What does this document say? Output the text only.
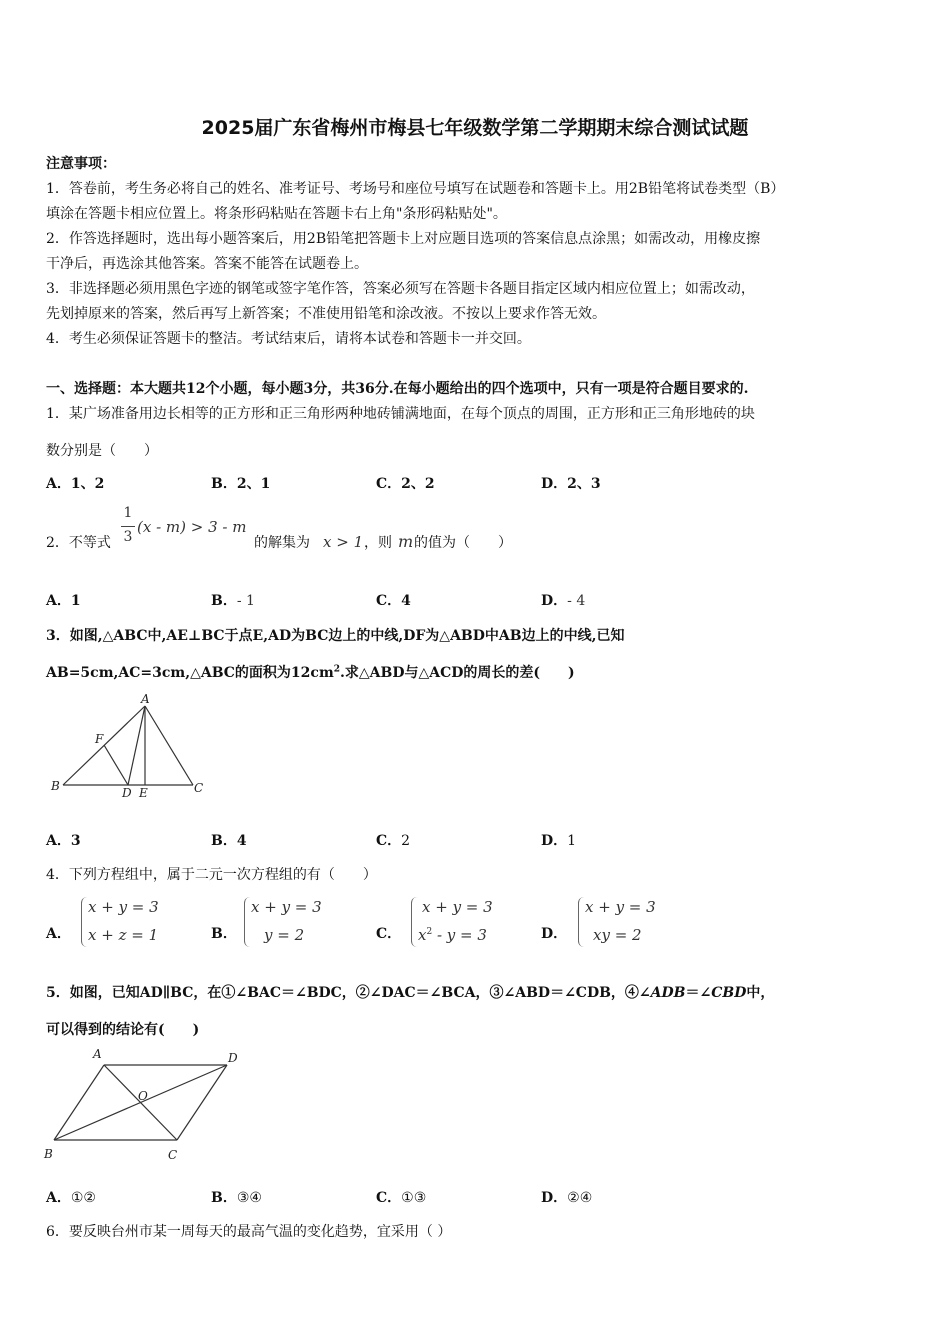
2025届广东省梅州市梅县七年级数学第二学期期末综合测试试题
注意事项：
1．答卷前，考生务必将自己的姓名、准考证号、考场号和座位号填写在试题卷和答题卡上。用2B铅笔将试卷类型（B）
填涂在答题卡相应位置上。将条形码粘贴在答题卡右上角"条形码粘贴处"。
2．作答选择题时，选出每小题答案后，用2B铅笔把答题卡上对应题目选项的答案信息点涂黑；如需改动，用橡皮擦
干净后，再选涂其他答案。答案不能答在试题卷上。
3．非选择题必须用黑色字迹的钢笔或签字笔作答，答案必须写在答题卡各题目指定区域内相应位置上；如需改动，
先划掉原来的答案，然后再写上新答案；不准使用铅笔和涂改液。不按以上要求作答无效。
4．考生必须保证答题卡的整洁。考试结束后，请将本试卷和答题卡一并交回。
一、选择题：本大题共12个小题，每小题3分，共36分.在每小题给出的四个选项中，只有一项是符合题目要求的.
1．某广场准备用边长相等的正方形和正三角形两种地砖铺满地面，在每个顶点的周围，正方形和正三角形地砖的块
数分别是（　　）
A．1、2	B．2、1	C．2、2	D．2、3
2．不等式
1
3
(x - m) > 3 - m
的解集为 x > 1 ，则 m 的值为（　　）
A．1	B．- 1	C．4	D．- 4
3．如图,△ABC中,AE⊥BC于点E,AD为BC边上的中线,DF为△ABD中AB边上的中线,已知
AB=5cm,AC=3cm,△ABC的面积为$12cm^2$.求△ABD与△ACD的周长的差(　　)
A
B	C
D E
F
A．3	B．4	C．2	D．1
4．下列方程组中，属于二元一次方程组的有（　　）
A．
x + y = 3
x + z = 1	B．
x + y = 3
y = 2	C．
x + y = 3
$x^2 - y = 3$	D．
x + y = 3
xy = 2
5．如图，已知AD∥BC，在①∠BAC＝∠BDC，②∠DAC＝∠BCA，③∠ABD＝∠CDB，④∠ADB＝∠CBD中，
可以得到的结论有(　　)
A	D
B	C
O
A．①②	B．③④	C．①③	D．②④
6．要反映台州市某一周每天的最高气温的变化趋势，宜采用（ ）
